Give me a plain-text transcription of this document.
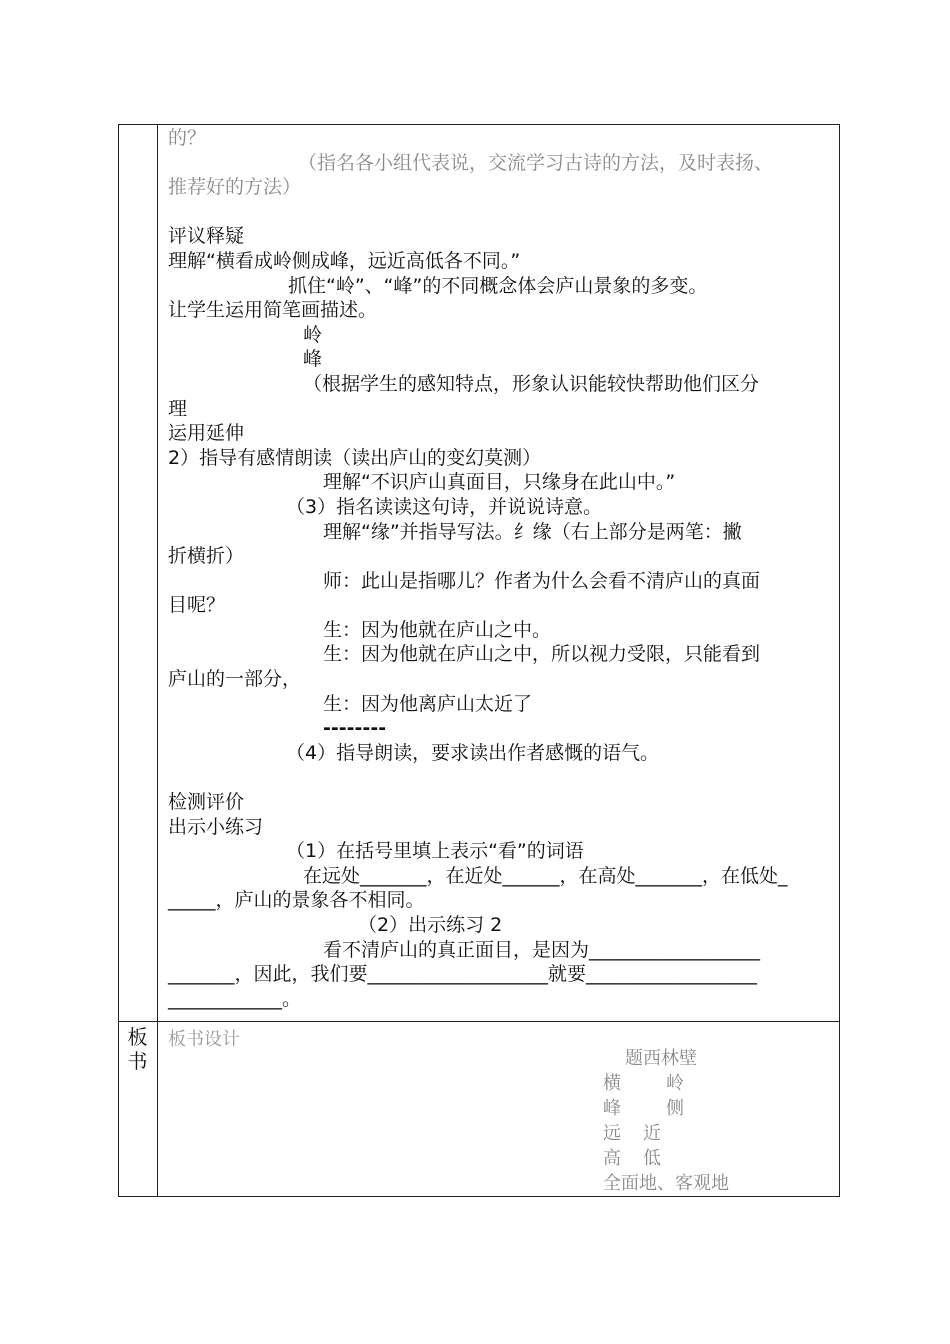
的？
（指名各小组代表说，交流学习古诗的方法，及时表扬、
推荐好的方法）
评议释疑
理解“横看成岭侧成峰，远近高低各不同。”
抓住“岭”、“峰”的不同概念体会庐山景象的多变。
让学生运用简笔画描述。
岭
峰
（根据学生的感知特点，形象认识能较快帮助他们区分
理
运用延伸
2）指导有感情朗读（读出庐山的变幻莫测）
理解“不识庐山真面目，只缘身在此山中。”
（3）指名读读这句诗，并说说诗意。
理解“缘”并指导写法。纟缘（右上部分是两笔：撇
折横折）
师：此山是指哪儿？作者为什么会看不清庐山的真面
目呢？
生：因为他就在庐山之中。
生：因为他就在庐山之中，所以视力受限，只能看到
庐山的一部分，
生：因为他离庐山太近了
--------
（4）指导朗读，要求读出作者感慨的语气。
检测评价
出示小练习
（1）在括号里填上表示“看”的词语
在远处_______，在近处______，在高处_______，在低处_
_____，庐山的景象各不相同。
（2）出示练习 2
看不清庐山的真正面目，是因为__________________
_______，因此，我们要___________________就要__________________
____________。
板
书
板书设计
题西林壁
横	岭
峰	侧
远 近
高 低
全面地、客观地
